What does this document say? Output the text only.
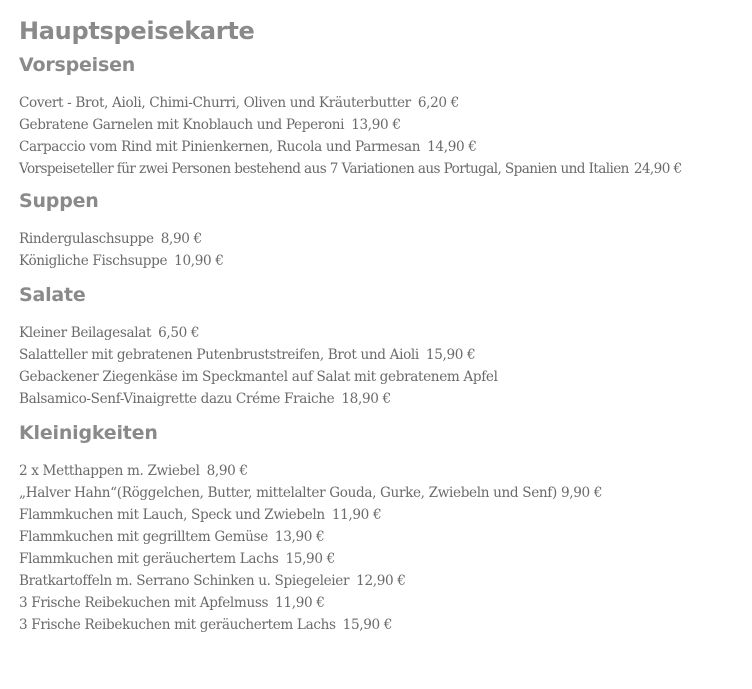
Hauptspeisekarte
Vorspeisen
Covert - Brot, Aioli, Chimi-Churri, Oliven und Kräuterbutter 6,20 €
Gebratene Garnelen mit Knoblauch und Peperoni 13,90 €
Carpaccio vom Rind mit Pinienkernen, Rucola und Parmesan 14,90 €
Vorspeiseteller für zwei Personen bestehend aus 7 Variationen aus Portugal, Spanien und Italien 24,90 €
Suppen
Rindergulaschsuppe 8,90 €
Königliche Fischsuppe 10,90 €
Salate
Kleiner Beilagesalat 6,50 €
Salatteller mit gebratenen Putenbruststreifen, Brot und Aioli 15,90 €
Gebackener Ziegenkäse im Speckmantel auf Salat mit gebratenem Apfel
Balsamico-Senf-Vinaigrette dazu Créme Fraiche 18,90 €
Kleinigkeiten
2 x Metthappen m. Zwiebel 8,90 €
„Halver Hahn“(Röggelchen, Butter, mittelalter Gouda, Gurke, Zwiebeln und Senf) 9,90 €
Flammkuchen mit Lauch, Speck und Zwiebeln 11,90 €
Flammkuchen mit gegrilltem Gemüse 13,90 €
Flammkuchen mit geräuchertem Lachs 15,90 €
Bratkartoffeln m. Serrano Schinken u. Spiegeleier 12,90 €
3 Frische Reibekuchen mit Apfelmuss 11,90 €
3 Frische Reibekuchen mit geräuchertem Lachs 15,90 €
